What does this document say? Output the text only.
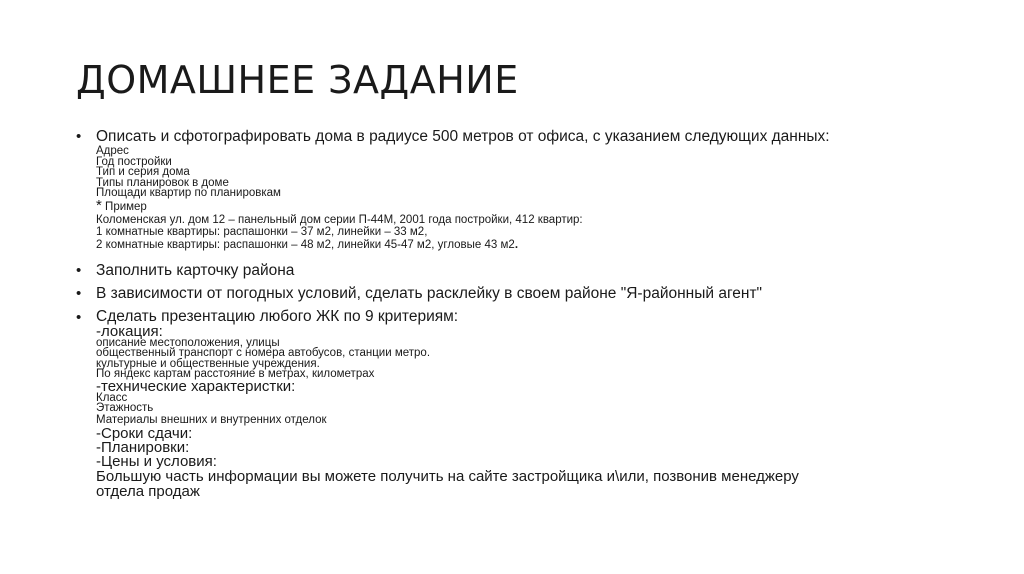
ДОМАШНЕЕ ЗАДАНИЕ
• Описать и сфотографировать дома в радиусе 500 метров от офиса, с указанием следующих данных:
Адрес
Год постройки
Тип и серия дома
Типы планировок в доме
Площади квартир по планировкам
* Пример
Коломенская ул. дом 12 – панельный дом серии П-44М, 2001 года постройки, 412 квартир:
1 комнатные квартиры: распашонки – 37 м2, линейки – 33 м2,
2 комнатные квартиры: распашонки – 48 м2, линейки 45-47 м2, угловые 43 м2.
• Заполнить карточку района
• В зависимости от погодных условий, сделать расклейку в своем районе "Я-районный агент"
• Сделать презентацию любого ЖК по 9 критериям:
-локация:
описание местоположения, улицы
общественный транспорт с номера автобусов, станции метро.
культурные и общественные учреждения.
По яндекс картам расстояние в метрах, километрах
-технические характеристки:
Класс
Этажность
Материалы внешних и внутренних отделок
-Сроки сдачи:
-Планировки:
-Цены и условия:
Большую часть информации вы можете получить на сайте застройщика и\или, позвонив менеджеру
отдела продаж
